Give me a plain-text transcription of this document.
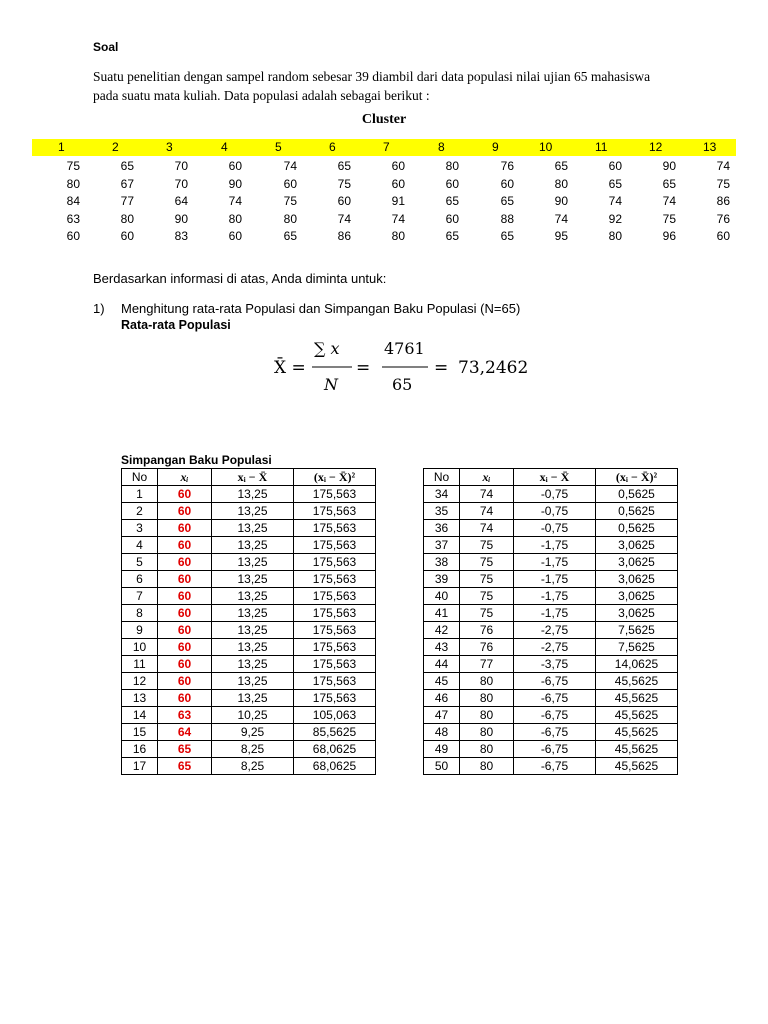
Soal
Suatu penelitian dengan sampel random sebesar 39 diambil dari data populasi nilai ujian 65 mahasiswa pada suatu mata kuliah. Data populasi adalah sebagai berikut :
Cluster
1	2	3	4	5	6	7	8	9	10	11	12	13
75	65	70	60	74	65	60	80	76	65	60	90	74
80	67	70	90	60	75	60	60	60	80	65	65	75
84	77	64	74	75	60	91	65	65	90	74	74	86
63	80	90	80	80	74	74	60	88	74	92	75	76
60	60	83	60	65	86	80	65	65	95	80	96	60
Berdasarkan informasi di atas, Anda diminta untuk:
1) Menghitung rata-rata Populasi dan Simpangan Baku Populasi (N=65)
Rata-rata Populasi
X̄ =
∑ x
N
=
4761
65
= 73,2462
Simpangan Baku Populasi
No	xᵢ	xᵢ − X̄	(xᵢ − X̄)²
1	60	13,25	175,563
2	60	13,25	175,563
3	60	13,25	175,563
4	60	13,25	175,563
5	60	13,25	175,563
6	60	13,25	175,563
7	60	13,25	175,563
8	60	13,25	175,563
9	60	13,25	175,563
10	60	13,25	175,563
11	60	13,25	175,563
12	60	13,25	175,563
13	60	13,25	175,563
14	63	10,25	105,063
15	64	9,25	85,5625
16	65	8,25	68,0625
17	65	8,25	68,0625
No	xᵢ	xᵢ − X̄	(xᵢ − X̄)²
34	74	-0,75	0,5625
35	74	-0,75	0,5625
36	74	-0,75	0,5625
37	75	-1,75	3,0625
38	75	-1,75	3,0625
39	75	-1,75	3,0625
40	75	-1,75	3,0625
41	75	-1,75	3,0625
42	76	-2,75	7,5625
43	76	-2,75	7,5625
44	77	-3,75	14,0625
45	80	-6,75	45,5625
46	80	-6,75	45,5625
47	80	-6,75	45,5625
48	80	-6,75	45,5625
49	80	-6,75	45,5625
50	80	-6,75	45,5625
